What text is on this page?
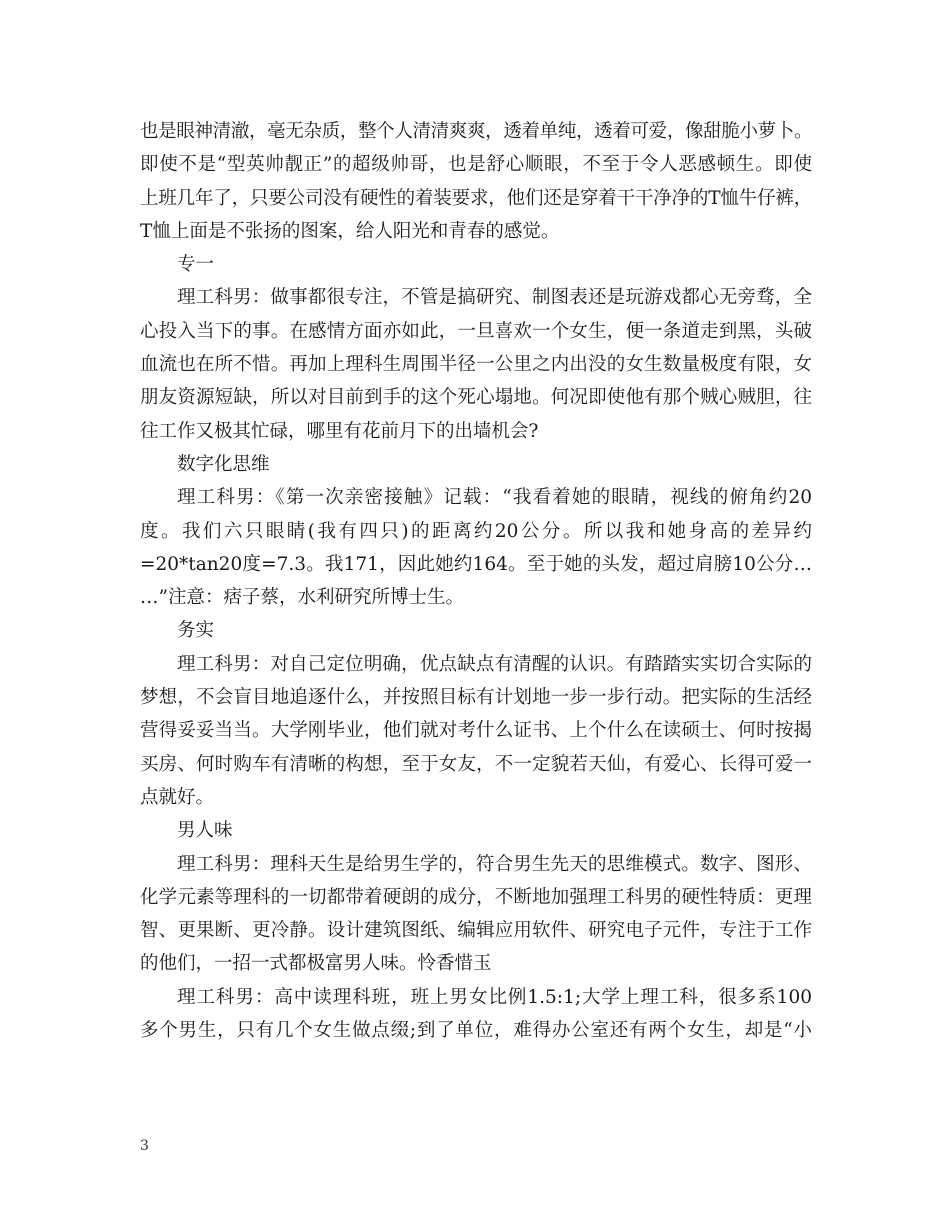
也是眼神清澈，毫无杂质，整个人清清爽爽，透着单纯，透着可爱，像甜脆小萝卜。
即使不是“型英帅靓正”的超级帅哥，也是舒心顺眼，不至于令人恶感顿生。即使
上班几年了，只要公司没有硬性的着装要求，他们还是穿着干干净净的T恤牛仔裤，
T恤上面是不张扬的图案，给人阳光和青春的感觉。
专一
理工科男：做事都很专注，不管是搞研究、制图表还是玩游戏都心无旁骛，全
心投入当下的事。在感情方面亦如此，一旦喜欢一个女生，便一条道走到黑，头破
血流也在所不惜。再加上理科生周围半径一公里之内出没的女生数量极度有限，女
朋友资源短缺，所以对目前到手的这个死心塌地。何况即使他有那个贼心贼胆，往
往工作又极其忙碌，哪里有花前月下的出墙机会?
数字化思维
理工科男：《第一次亲密接触》记载：“我看着她的眼睛，视线的俯角约20
度。我们六只眼睛(我有四只)的距离约20公分。所以我和她身高的差异约
=20*tan20度=7.3。我171，因此她约164。至于她的头发，超过肩膀10公分…
…”注意：痞子蔡，水利研究所博士生。
务实
理工科男：对自己定位明确，优点缺点有清醒的认识。有踏踏实实切合实际的
梦想，不会盲目地追逐什么，并按照目标有计划地一步一步行动。把实际的生活经
营得妥妥当当。大学刚毕业，他们就对考什么证书、上个什么在读硕士、何时按揭
买房、何时购车有清晰的构想，至于女友，不一定貌若天仙，有爱心、长得可爱一
点就好。
男人味
理工科男：理科天生是给男生学的，符合男生先天的思维模式。数字、图形、
化学元素等理科的一切都带着硬朗的成分，不断地加强理工科男的硬性特质：更理
智、更果断、更冷静。设计建筑图纸、编辑应用软件、研究电子元件，专注于工作
的他们，一招一式都极富男人味。怜香惜玉
理工科男：高中读理科班，班上男女比例1.5:1;大学上理工科，很多系100
多个男生，只有几个女生做点缀;到了单位，难得办公室还有两个女生，却是“小
3
